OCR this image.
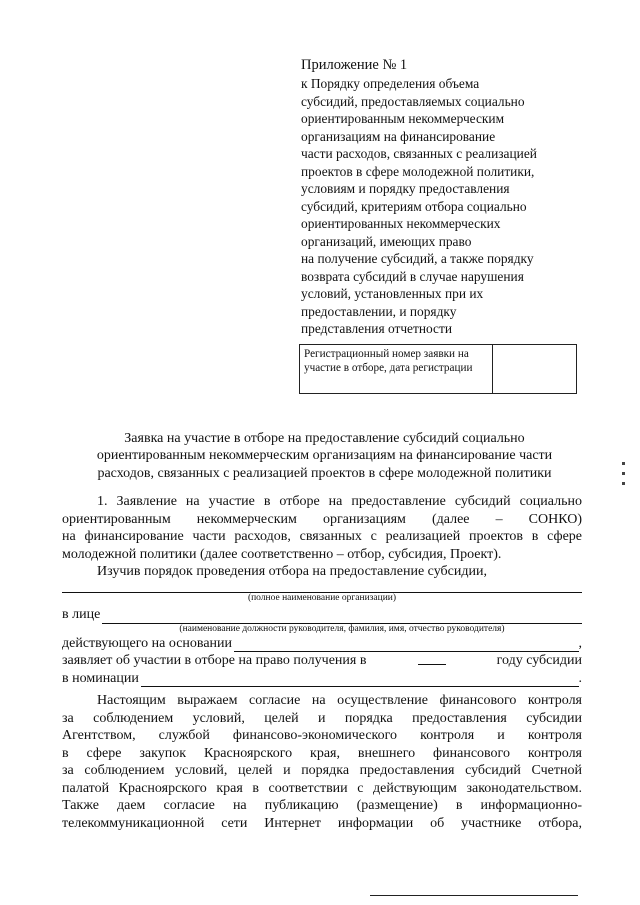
Приложение № 1
к Порядку определения объема
субсидий, предоставляемых социально
ориентированным некоммерческим
организациям на финансирование
части расходов, связанных с реализацией
проектов в сфере молодежной политики,
условиям и порядку предоставления
субсидий, критериям отбора социально
ориентированных некоммерческих
организаций, имеющих право
на получение субсидий, а также порядку
возврата субсидий в случае нарушения
условий, установленных при их
предоставлении, и порядку
представления отчетности
Регистрационный номер заявки на участие в отборе, дата регистрации	
Заявка на участие в отборе на предоставление субсидий социально
ориентированным некоммерческим организациям на финансирование части
расходов, связанных с реализацией проектов в сфере молодежной политики
1. Заявление на участие в отборе на предоставление субсидий социально
ориентированным некоммерческим организациям (далее – СОНКО)
на финансирование части расходов, связанных с реализацией проектов в сфере
молодежной политики (далее соответственно – отбор, субсидия, Проект).
Изучив порядок проведения отбора на предоставление субсидии,
(полное наименование организации)
в лице
(наименование должности руководителя, фамилия, имя, отчество руководителя)
действующего на основании	,
заявляет об участии в отборе на право получения в	году субсидии
в номинации	.
Настоящим выражаем согласие на осуществление финансового контроля
за соблюдением условий, целей и порядка предоставления субсидии
Агентством, службой финансово-экономического контроля и контроля
в сфере закупок Красноярского края, внешнего финансового контроля
за соблюдением условий, целей и порядка предоставления субсидий Счетной
палатой Красноярского края в соответствии с действующим законодательством.
Также даем согласие на публикацию (размещение) в информационно-
телекоммуникационной сети Интернет информации об участнике отбора,
